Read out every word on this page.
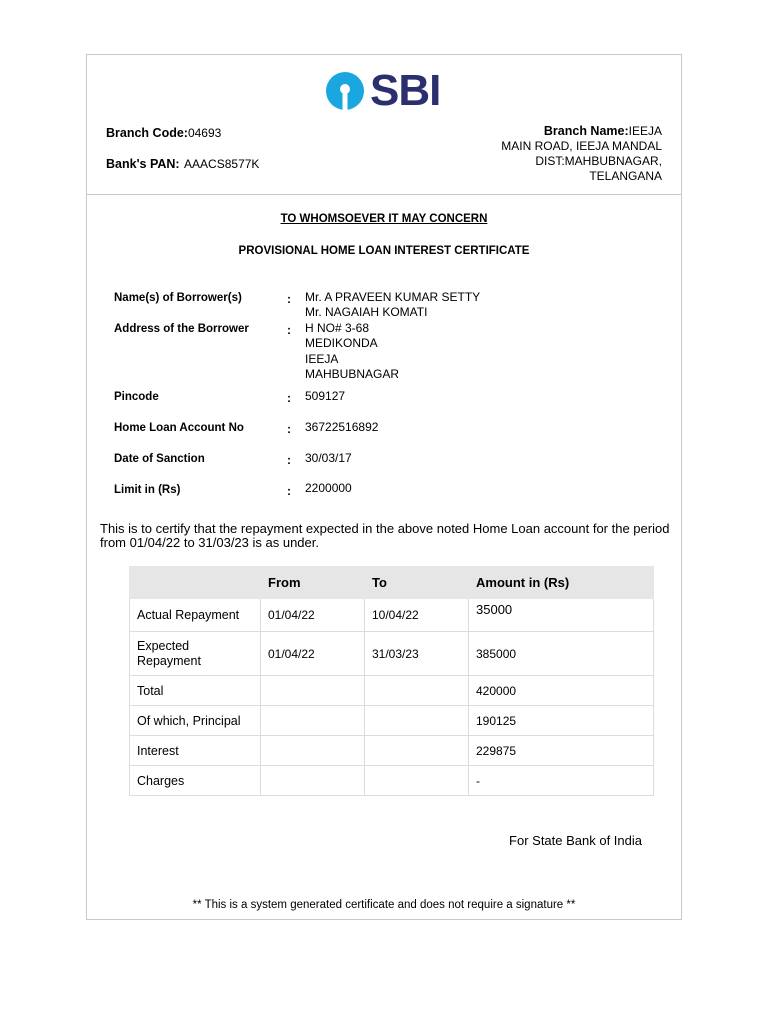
SBI
Branch Code:04693
Bank's PAN: AAACS8577K
Branch Name:IEEJA
MAIN ROAD, IEEJA MANDAL
DIST:MAHBUBNAGAR,
TELANGANA
TO WHOMSOEVER IT MAY CONCERN
PROVISIONAL HOME LOAN INTEREST CERTIFICATE
Name(s) of Borrower(s)	: Mr. A PRAVEEN KUMAR SETTY
Mr. NAGAIAH KOMATI
Address of the Borrower	: H NO# 3-68
MEDIKONDA
IEEJA
MAHBUBNAGAR
Pincode	: 509127
Home Loan Account No	: 36722516892
Date of Sanction	: 30/03/17
Limit in (Rs)	: 2200000
This is to certify that the repayment expected in the above noted Home Loan account for the period from 01/04/22 to 31/03/23 is as under.
	From	To	Amount in (Rs)
Actual Repayment	01/04/22	10/04/22	35000
Expected Repayment	01/04/22	31/03/23	385000
Total			420000
Of which, Principal			190125
Interest			229875
Charges			-
For State Bank of India
** This is a system generated certificate and does not require a signature **
